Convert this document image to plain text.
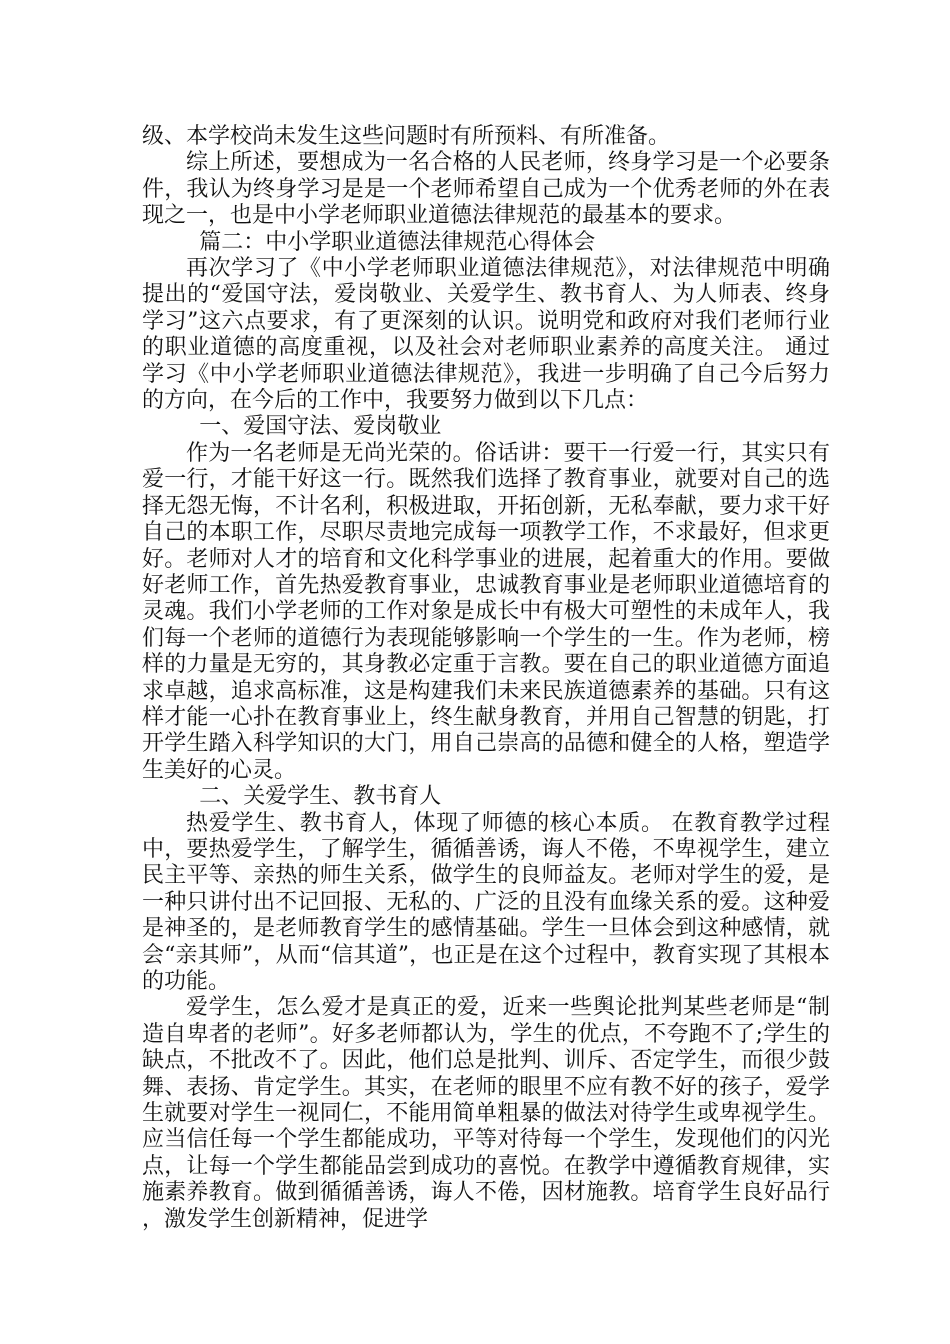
级、本学校尚未发生这些问题时有所预料、有所准备。

综上所述，要想成为一名合格的人民老师，终身学习是一个必要条件，我认为终身学习是是一个老师希望自己成为一个优秀老师的外在表现之一，也是中小学老师职业道德法律规范的最基本的要求。

篇二：中小学职业道德法律规范心得体会

再次学习了《中小学老师职业道德法律规范》，对法律规范中明确提出的“爱国守法，爱岗敬业、关爱学生、教书育人、为人师表、终身学习”这六点要求，有了更深刻的认识。说明党和政府对我们老师行业的职业道德的高度重视，以及社会对老师职业素养的高度关注。 通过学习《中小学老师职业道德法律规范》，我进一步明确了自己今后努力的方向，在今后的工作中，我要努力做到以下几点：

一、爱国守法、爱岗敬业

作为一名老师是无尚光荣的。俗话讲：要干一行爱一行，其实只有爱一行，才能干好这一行。既然我们选择了教育事业，就要对自己的选择无怨无悔，不计名利，积极进取，开拓创新，无私奉献，要力求干好自己的本职工作，尽职尽责地完成每一项教学工作，不求最好，但求更好。老师对人才的培育和文化科学事业的进展，起着重大的作用。要做好老师工作，首先热爱教育事业，忠诚教育事业是老师职业道德培育的灵魂。我们小学老师的工作对象是成长中有极大可塑性的未成年人，我们每一个老师的道德行为表现能够影响一个学生的一生。作为老师，榜样的力量是无穷的，其身教必定重于言教。要在自己的职业道德方面追求卓越，追求高标准，这是构建我们未来民族道德素养的基础。只有这样才能一心扑在教育事业上，终生献身教育，并用自己智慧的钥匙，打开学生踏入科学知识的大门，用自己崇高的品德和健全的人格，塑造学生美好的心灵。

二、关爱学生、教书育人

热爱学生、教书育人，体现了师德的核心本质。 在教育教学过程中，要热爱学生，了解学生，循循善诱，诲人不倦，不卑视学生，建立民主平等、亲热的师生关系，做学生的良师益友。老师对学生的爱，是一种只讲付出不记回报、无私的、广泛的且没有血缘关系的爱。这种爱是神圣的，是老师教育学生的感情基础。学生一旦体会到这种感情，就会“亲其师”，从而“信其道”，也正是在这个过程中，教育实现了其根本的功能。

爱学生，怎么爱才是真正的爱，近来一些舆论批判某些老师是“制造自卑者的老师”。好多老师都认为，学生的优点，不夸跑不了;学生的缺点，不批改不了。因此，他们总是批判、训斥、否定学生，而很少鼓舞、表扬、肯定学生。其实，在老师的眼里不应有教不好的孩子，爱学生就要对学生一视同仁，不能用简单粗暴的做法对待学生或卑视学生。应当信任每一个学生都能成功，平等对待每一个学生，发现他们的闪光点，让每一个学生都能品尝到成功的喜悦。在教学中遵循教育规律，实施素养教育。做到循循善诱，诲人不倦，因材施教。培育学生良好品行，激发学生创新精神，促进学
